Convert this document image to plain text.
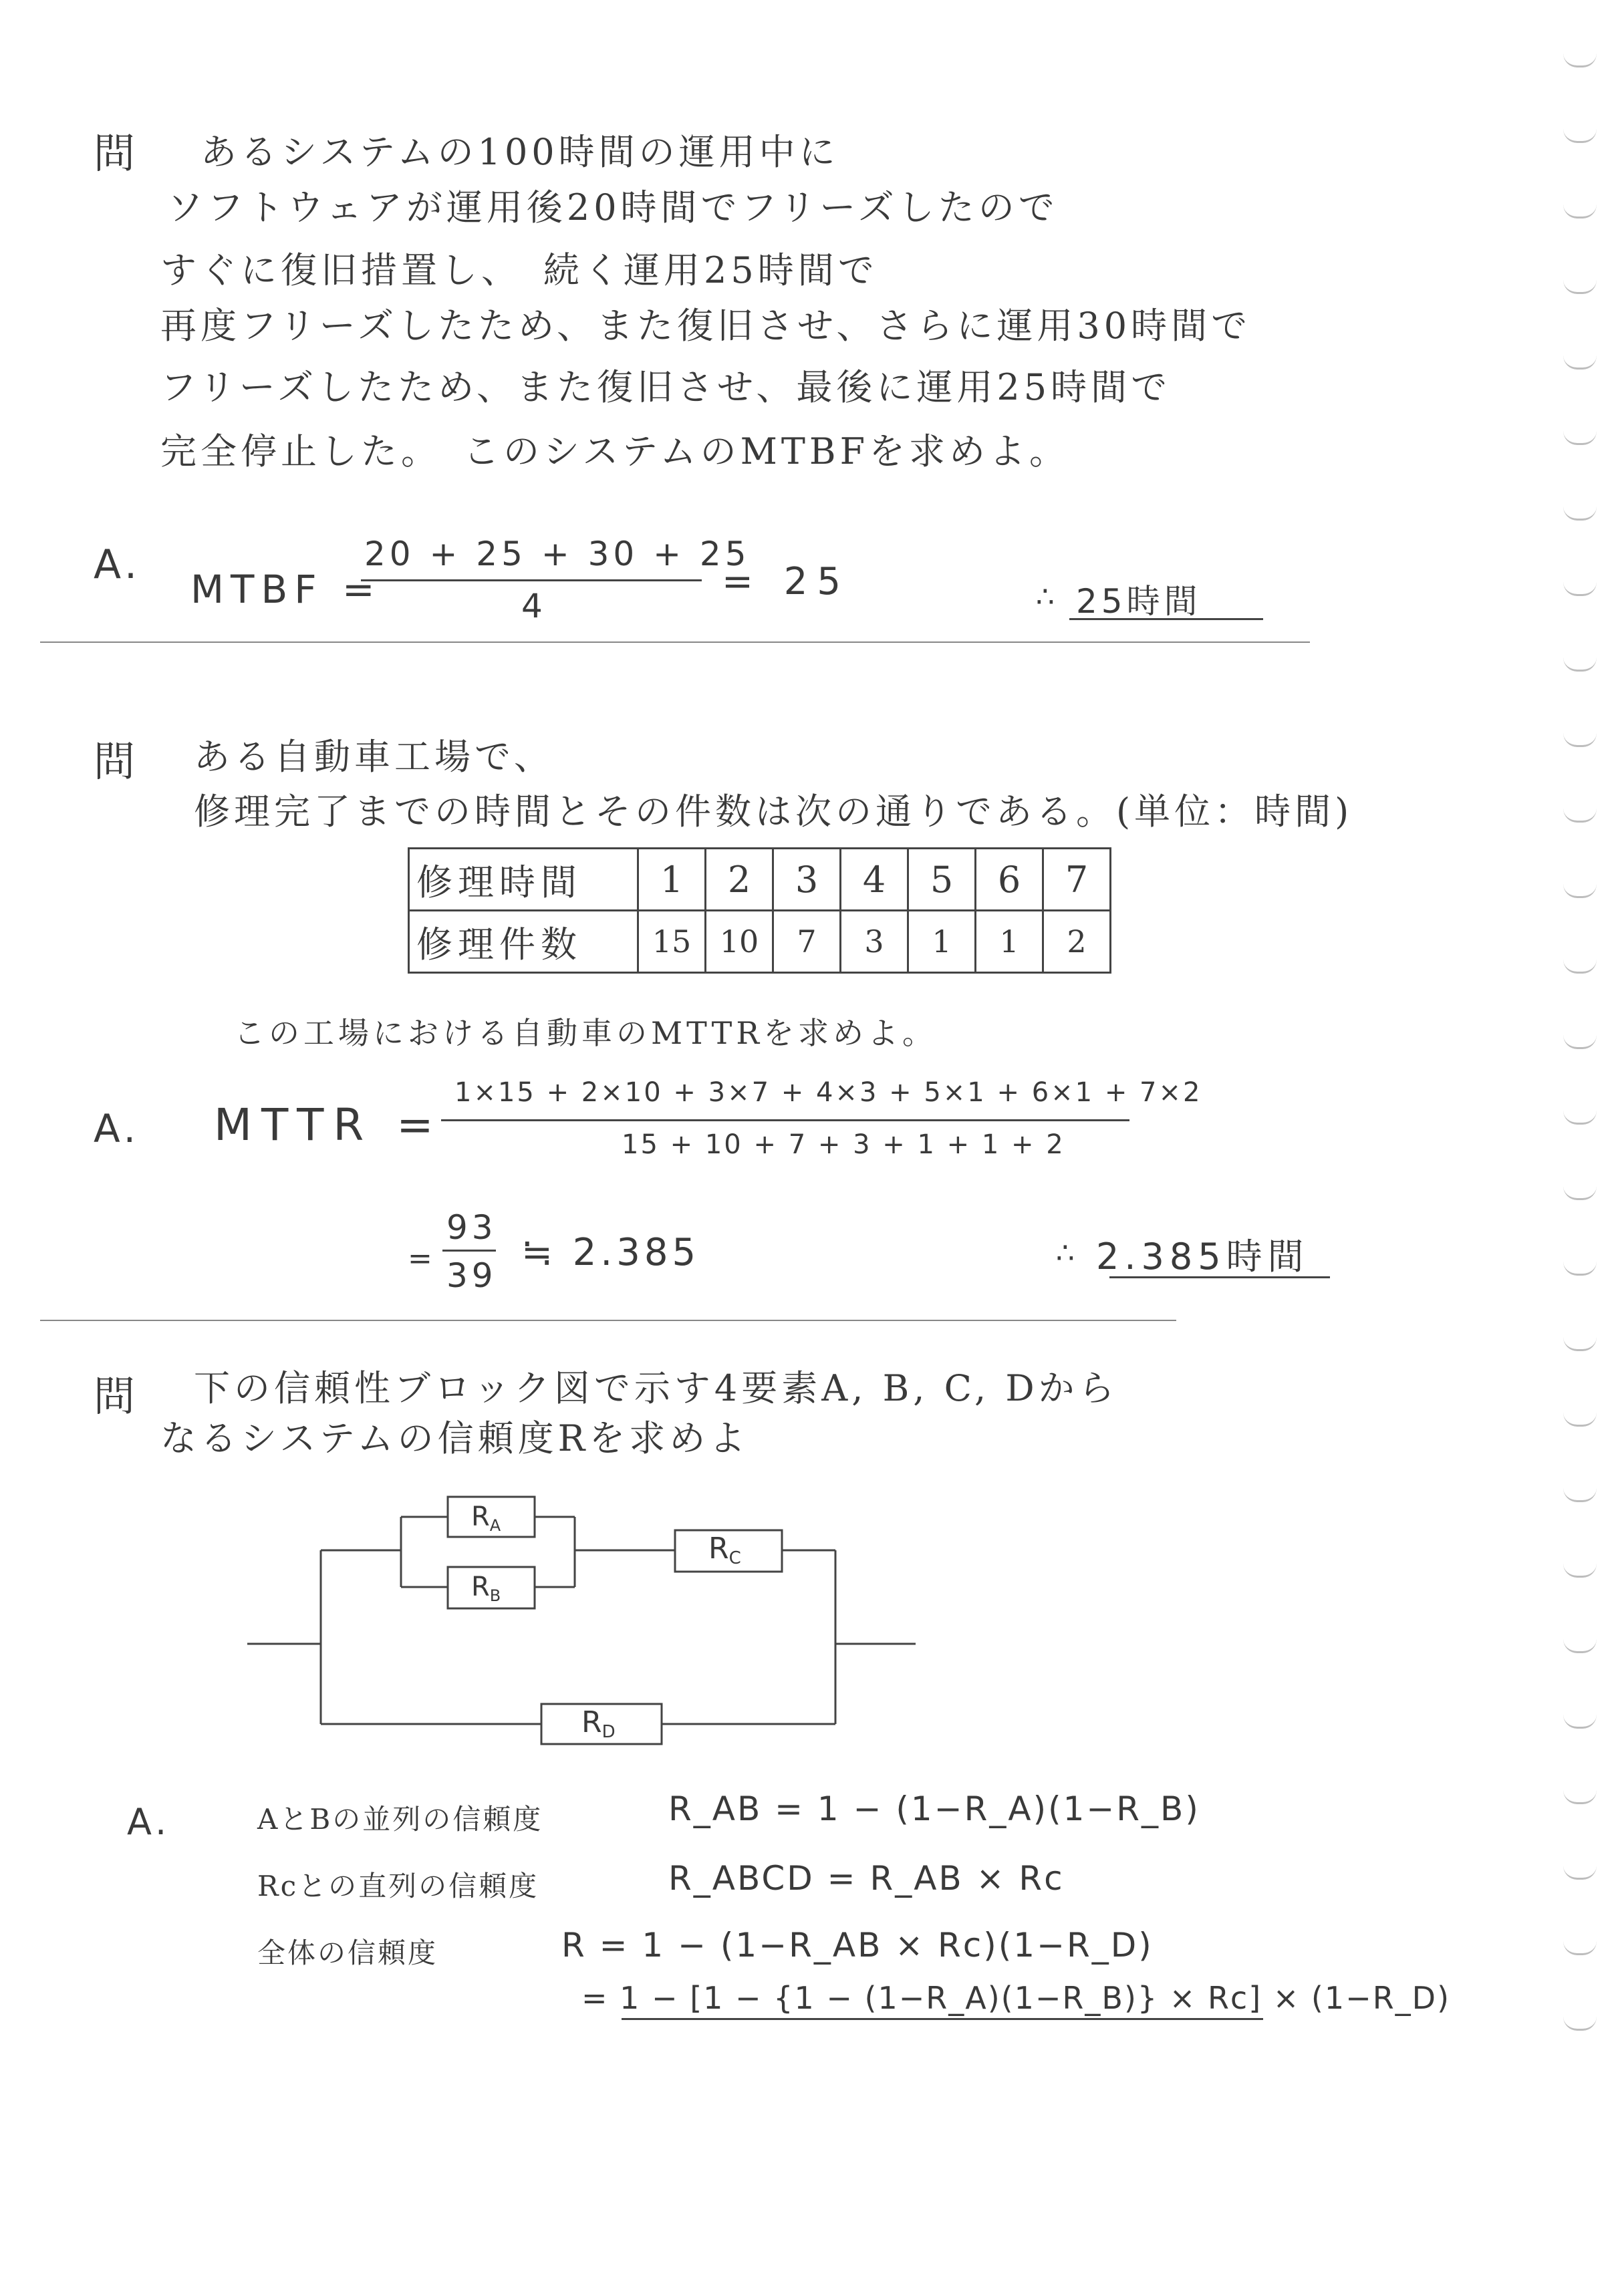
問 あるシステムの100時間の運用中に
ソフトウェアが運用後20時間でフリーズしたので
すぐに復旧措置し、　続く運用25時間で
再度フリーズしたため、また復旧させ、さらに運用30時間で
フリーズしたため、また復旧させ、最後に運用25時間で
完全停止した。　このシステムのMTBFを求めよ。
A.
MTBF =
20 + 25 + 30 + 25
4
= 25	∴ 25時間
問 ある自動車工場で、
修理完了までの時間とその件数は次の通りである。(単位：時間)
修理時間	1	2	3	4	5	6	7
修理件数	15	10	7	3	1	1	2
この工場における自動車のMTTRを求めよ。
A. MTTR =
1×15 + 2×10 + 3×7 + 4×3 + 5×1 + 6×1 + 7×2
15 + 10 + 7 + 3 + 1 + 1 + 2
=
93
39
≒ 2.385	∴ 2.385時間
問 下の信頼性ブロック図で示す4要素A, B, C, Dから
なるシステムの信頼度Rを求めよ
$R_A$
$R_B$
RC
RD
A.	AとBの並列の信頼度	R_AB = 1 − (1−R_A)(1−R_B)
Rcとの直列の信頼度	R_ABCD = R_AB × Rc
全体の信頼度	R = 1 − (1−R_AB × Rc)(1−R_D)
= 1 − [1 − {1 − (1−R_A)(1−R_B)} × Rc] × (1−R_D)
